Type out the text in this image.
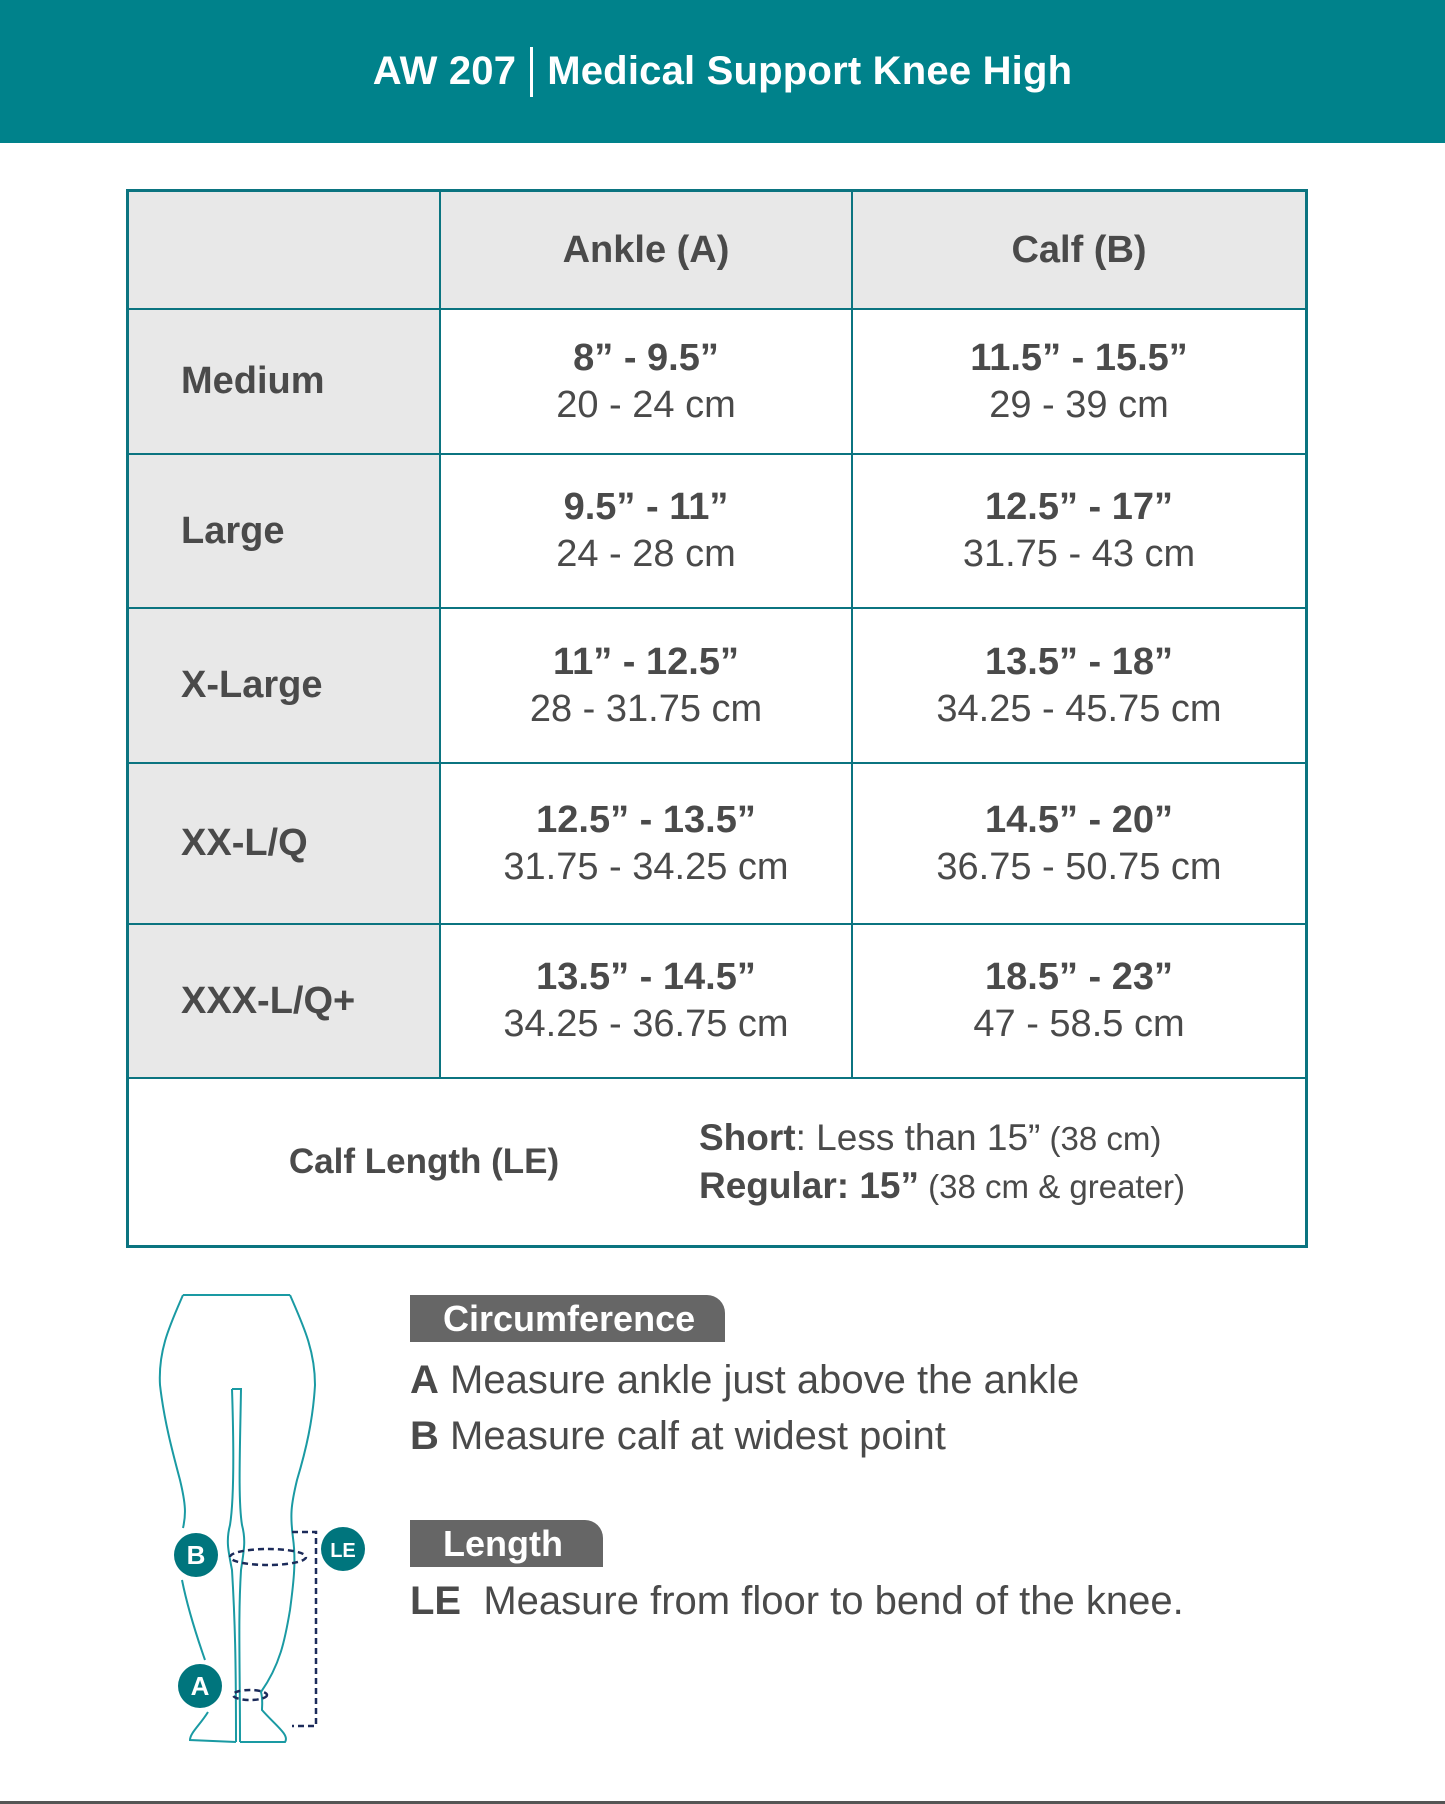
AW 207 Medical Support Knee High
Ankle (A)	Calf (B)
Medium
8” - 9.5”
20 - 24 cm
11.5” - 15.5”
29 - 39 cm
Large
9.5” - 11”
24 - 28 cm
12.5” - 17”
31.75 - 43 cm
X-Large
11” - 12.5”
28 - 31.75 cm
13.5” - 18”
34.25 - 45.75 cm
XX-L/Q
12.5” - 13.5”
31.75 - 34.25 cm
14.5” - 20”
36.75 - 50.75 cm
XXX-L/Q+
13.5” - 14.5”
34.25 - 36.75 cm
18.5” - 23”
47 - 58.5 cm
Calf Length (LE)
Short: Less than 15” (38 cm)
Regular: 15” (38 cm & greater)
B
A
LE
Circumference
A Measure ankle just above the ankle
B Measure calf at widest point
Length
LE  Measure from floor to bend of the knee.
